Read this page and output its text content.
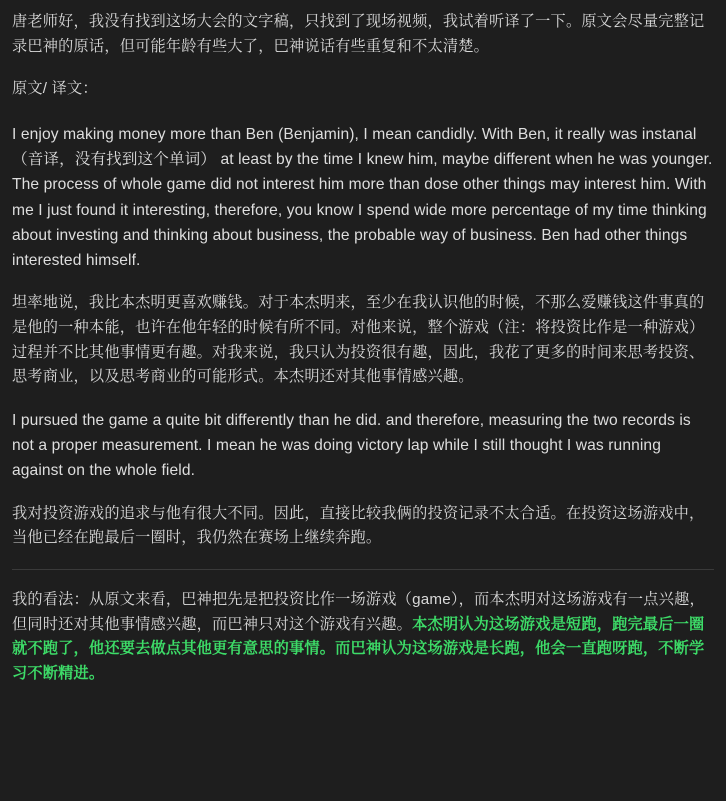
唐老师好，我没有找到这场大会的文字稿，只找到了现场视频，我试着听译了一下。原文会尽量完整记录巴神的原话，但可能年龄有些大了，巴神说话有些重复和不太清楚。

原文/ 译文：

I enjoy making money more than Ben (Benjamin), I mean candidly. With Ben, it really was instanal（音译，没有找到这个单词） at least by the time I knew him, maybe different when he was younger. The process of whole game did not interest him more than dose other things may interest him. With me I just found it interesting, therefore, you know I spend wide more percentage of my time thinking about investing and thinking about business, the probable way of business. Ben had other things interested himself.

坦率地说，我比本杰明更喜欢赚钱。对于本杰明来，至少在我认识他的时候，不那么爱赚钱这件事真的是他的一种本能，也许在他年轻的时候有所不同。对他来说，整个游戏（注：将投资比作是一种游戏）过程并不比其他事情更有趣。对我来说，我只认为投资很有趣，因此，我花了更多的时间来思考投资、思考商业，以及思考商业的可能形式。本杰明还对其他事情感兴趣。

I pursued the game a quite bit differently than he did. and therefore, measuring the two records is not a proper measurement. I mean he was doing victory lap while I still thought I was running against on the whole field.

我对投资游戏的追求与他有很大不同。因此，直接比较我俩的投资记录不太合适。在投资这场游戏中，当他已经在跑最后一圈时，我仍然在赛场上继续奔跑。

我的看法：从原文来看，巴神把先是把投资比作一场游戏（game），而本杰明对这场游戏有一点兴趣，但同时还对其他事情感兴趣，而巴神只对这个游戏有兴趣。本杰明认为这场游戏是短跑，跑完最后一圈就不跑了，他还要去做点其他更有意思的事情。而巴神认为这场游戏是长跑，他会一直跑呀跑，不断学习不断精进。
